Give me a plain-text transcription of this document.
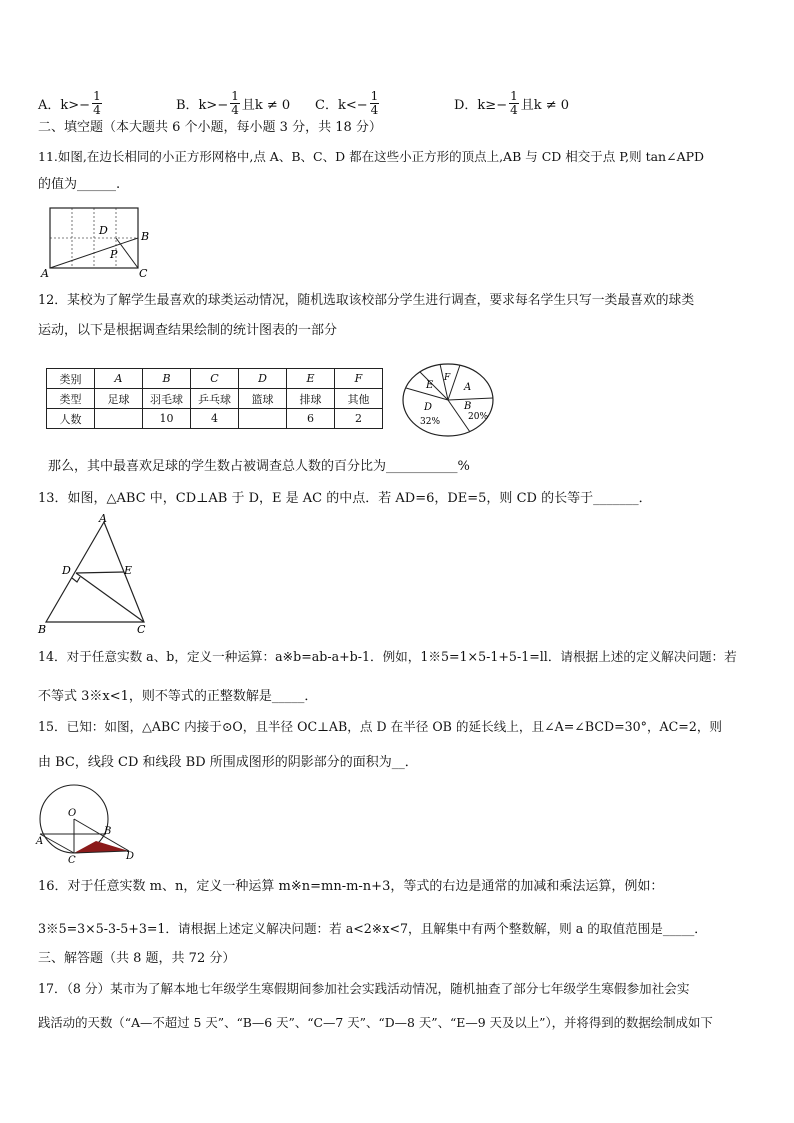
A．$k>- \frac{1}{4}$	B．$k>- \frac{1}{4}$ 且k ≠ 0 C．$k<- \frac{1}{4}$	D．$k\ge- \frac{1}{4}$ 且k ≠ 0
二、填空题（本大题共 6 个小题，每小题 3 分，共 18 分）
11.如图,在边长相同的小正方形网格中,点 A、B、C、D 都在这些小正方形的顶点上,AB 与 CD 相交于点 P,则 tan∠APD
的值为______.
D	B
P
A	C
12．某校为了解学生最喜欢的球类运动情况，随机选取该校部分学生进行调查，要求每名学生只写一类最喜欢的球类
运动，以下是根据调查结果绘制的统计图表的一部分
类别	A	B	C	D	E	F
类型	足球	羽毛球	乒乓球	篮球	排球	其他
人数		10	4		6	2
E
F
A
D
32%
B
20%
那么，其中最喜欢足球的学生数占被调查总人数的百分比为___________%
13．如图，△ABC 中，CD⊥AB 于 D，E 是 AC 的中点．若 AD=6，DE=5，则 CD 的长等于_______．
A
D	E
B	C
14．对于任意实数 a、b，定义一种运算：a※b=ab-a+b-1．例如，1※5=1×5-1+5-1=ll．请根据上述的定义解决问题：若
不等式 3※x<1，则不等式的正整数解是_____．
15．已知：如图，△ABC 内接于⊙O，且半径 OC⊥AB，点 D 在半径 OB 的延长线上，且∠A=∠BCD=30°，AC=2，则
由 BC，线段 CD 和线段 BD 所围成图形的阴影部分的面积为__．
O
A
B
C	D
16．对于任意实数 m、n，定义一种运算 m※n=mn-m-n+3，等式的右边是通常的加减和乘法运算，例如：
3※5=3×5-3-5+3=1．请根据上述定义解决问题：若 a<2※x<7，且解集中有两个整数解，则 a 的取值范围是_____．
三、解答题（共 8 题，共 72 分）
17．（8 分）某市为了解本地七年级学生寒假期间参加社会实践活动情况，随机抽查了部分七年级学生寒假参加社会实
践活动的天数（“A—不超过 5 天”、“B—6 天”、“C—7 天”、“D—8 天”、“E—9 天及以上”），并将得到的数据绘制成如下
